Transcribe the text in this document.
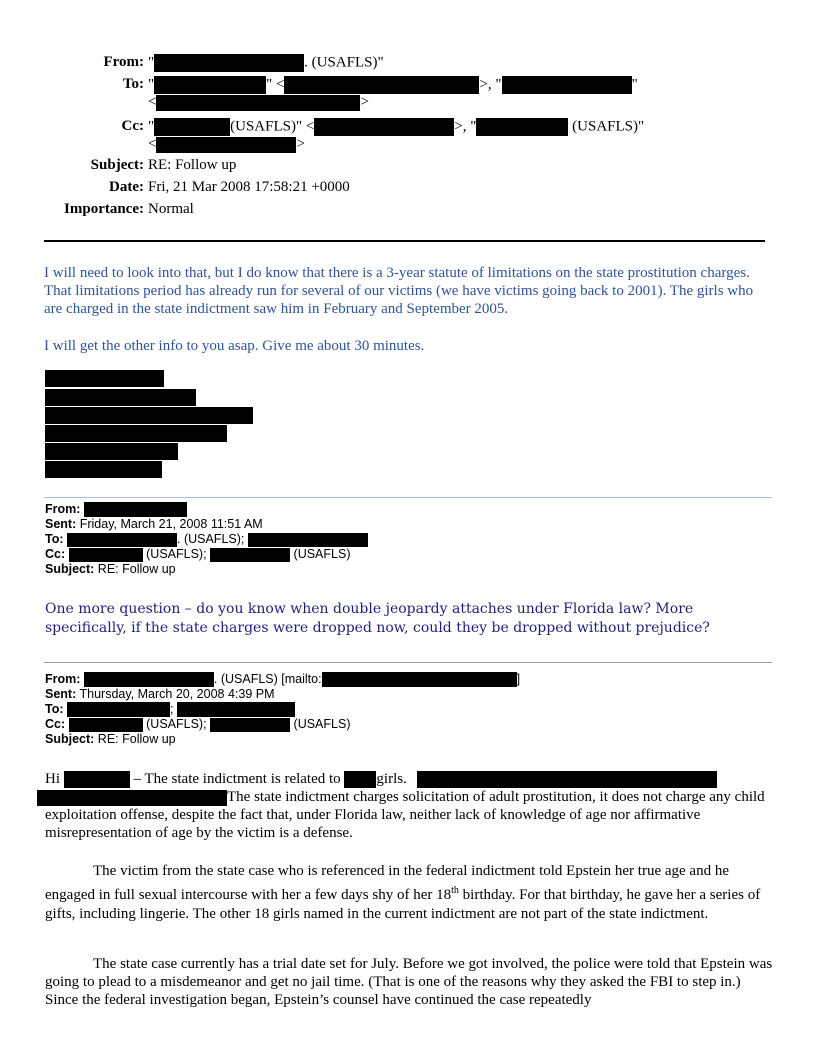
From: "	. (USAFLS)"
To: "	" <	>, "	"
<	>
Cc: "	(USAFLS)" <	>, "	(USAFLS)"
<	>
Subject: RE: Follow up
Date: Fri, 21 Mar 2008 17:58:21 +0000
Importance: Normal
I will need to look into that, but I do know that there is a 3-year statute of limitations on the state prostitution charges. That limitations period has already run for several of our victims (we have victims going back to 2001). The girls who are charged in the state indictment saw him in February and September 2005.
I will get the other info to you asap. Give me about 30 minutes.
From:
Sent: Friday, March 21, 2008 11:51 AM
To:	. (USAFLS);
Cc:	(USAFLS);	(USAFLS)
Subject: RE: Follow up
One more question – do you know when double jeopardy attaches under Florida law? More specifically, if the state charges were dropped now, could they be dropped without prejudice?
From:	. (USAFLS) [mailto:	]
Sent: Thursday, March 20, 2008 4:39 PM
To:	;
Cc:	(USAFLS);	(USAFLS)
Subject: RE: Follow up
Hi	– The state indictment is related to girls.
The state indictment charges solicitation of adult prostitution, it does not charge any child exploitation offense, despite the fact that, under Florida law, neither lack of knowledge of age nor affirmative misrepresentation of age by the victim is a defense.
The victim from the state case who is referenced in the federal indictment told Epstein her true age and he engaged in full sexual intercourse with her a few days shy of her 18th birthday. For that birthday, he gave her a series of gifts, including lingerie. The other 18 girls named in the current indictment are not part of the state indictment.
The state case currently has a trial date set for July. Before we got involved, the police were told that Epstein was going to plead to a misdemeanor and get no jail time. (That is one of the reasons why they asked the FBI to step in.) Since the federal investigation began, Epstein’s counsel have continued the case repeatedly
